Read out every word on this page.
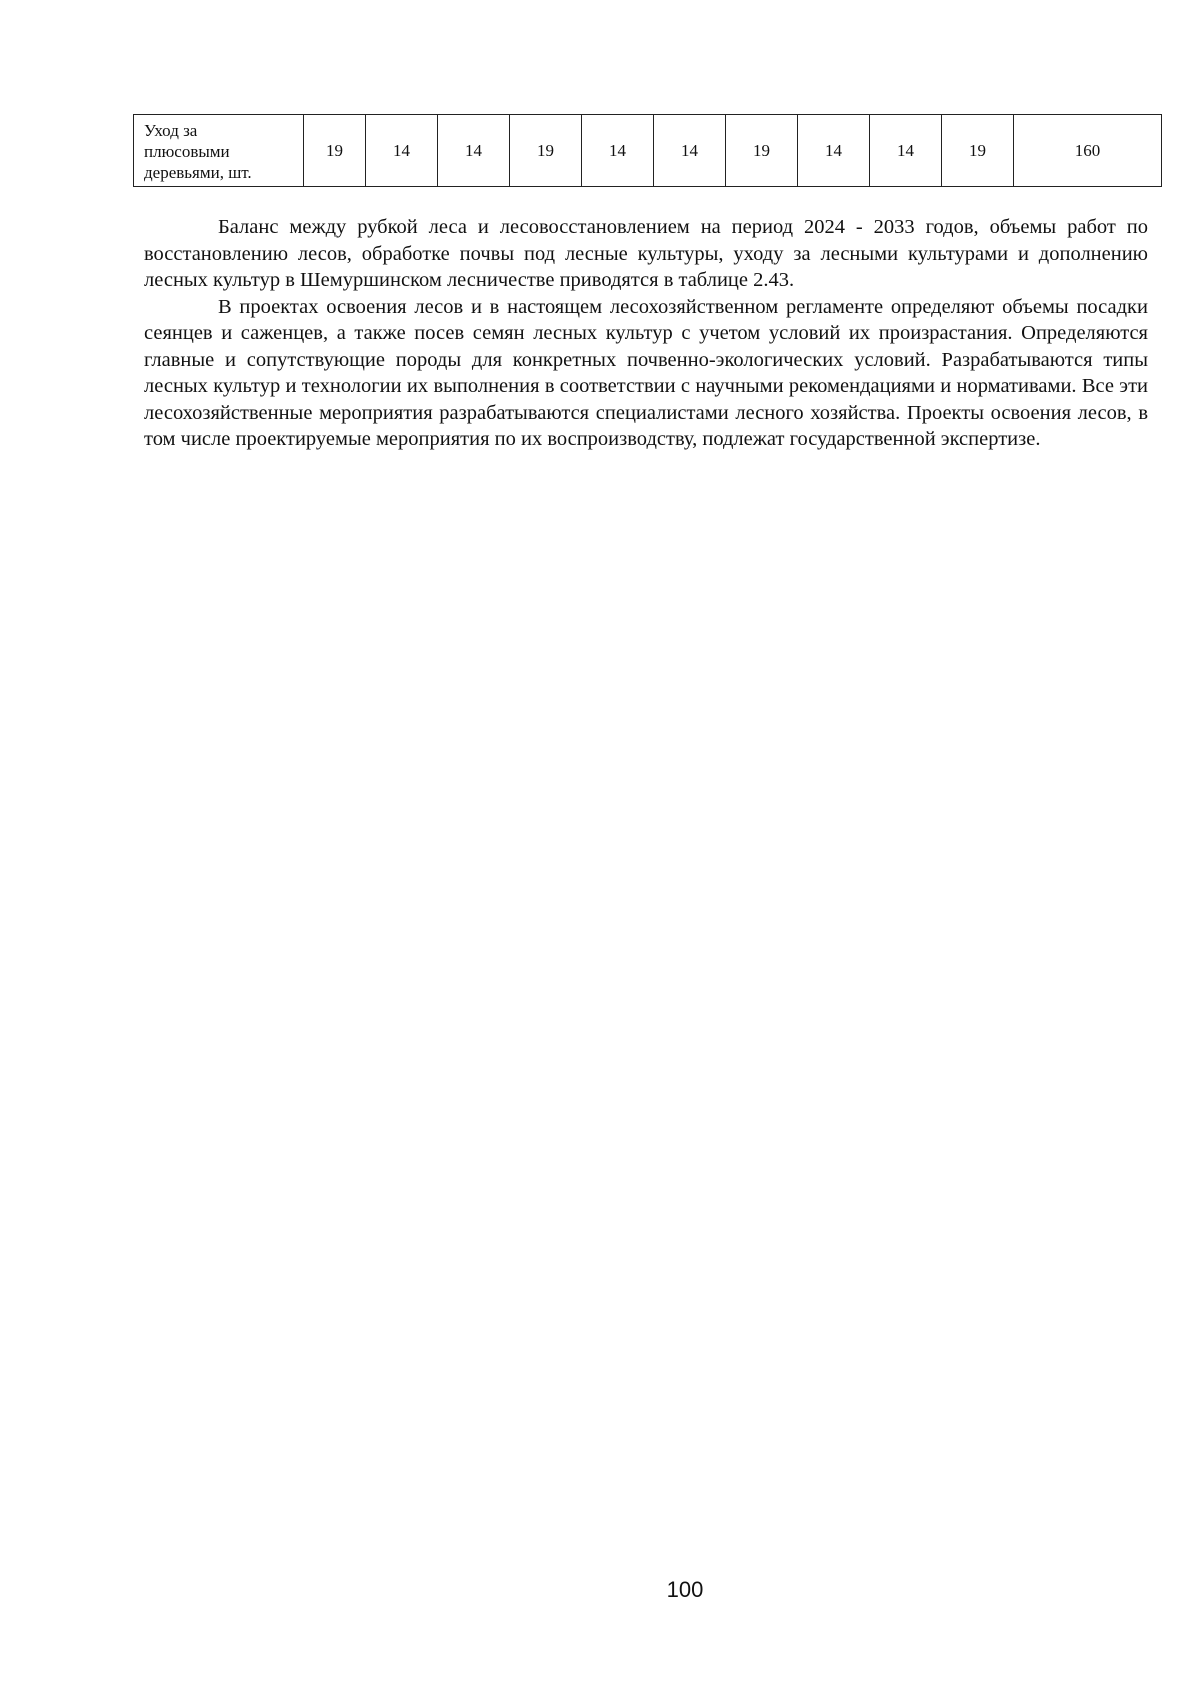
Уход за
плюсовыми
деревьями, шт.
	19	14	14	19	14	14	19	14	14	19	160

Баланс между рубкой леса и лесовосстановлением на период 2024 - 2033 годов, объемы работ по восстановлению лесов, обработке почвы под лесные культуры, уходу за лесными культурами и дополнению лесных культур в Шемуршинском лесничестве приводятся в таблице 2.43.

В проектах освоения лесов и в настоящем лесохозяйственном регламенте определяют объемы посадки сеянцев и саженцев, а также посев семян лесных культур с учетом условий их произрастания. Определяются главные и сопутствующие породы для конкретных почвенно-экологических условий. Разрабатываются типы лесных культур и технологии их выполнения в соответствии с научными рекомендациями и нормативами. Все эти лесохозяйственные мероприятия разрабатываются специалистами лесного хозяйства. Проекты освоения лесов, в том числе проектируемые мероприятия по их воспроизводству, подлежат государственной экспертизе.

100
